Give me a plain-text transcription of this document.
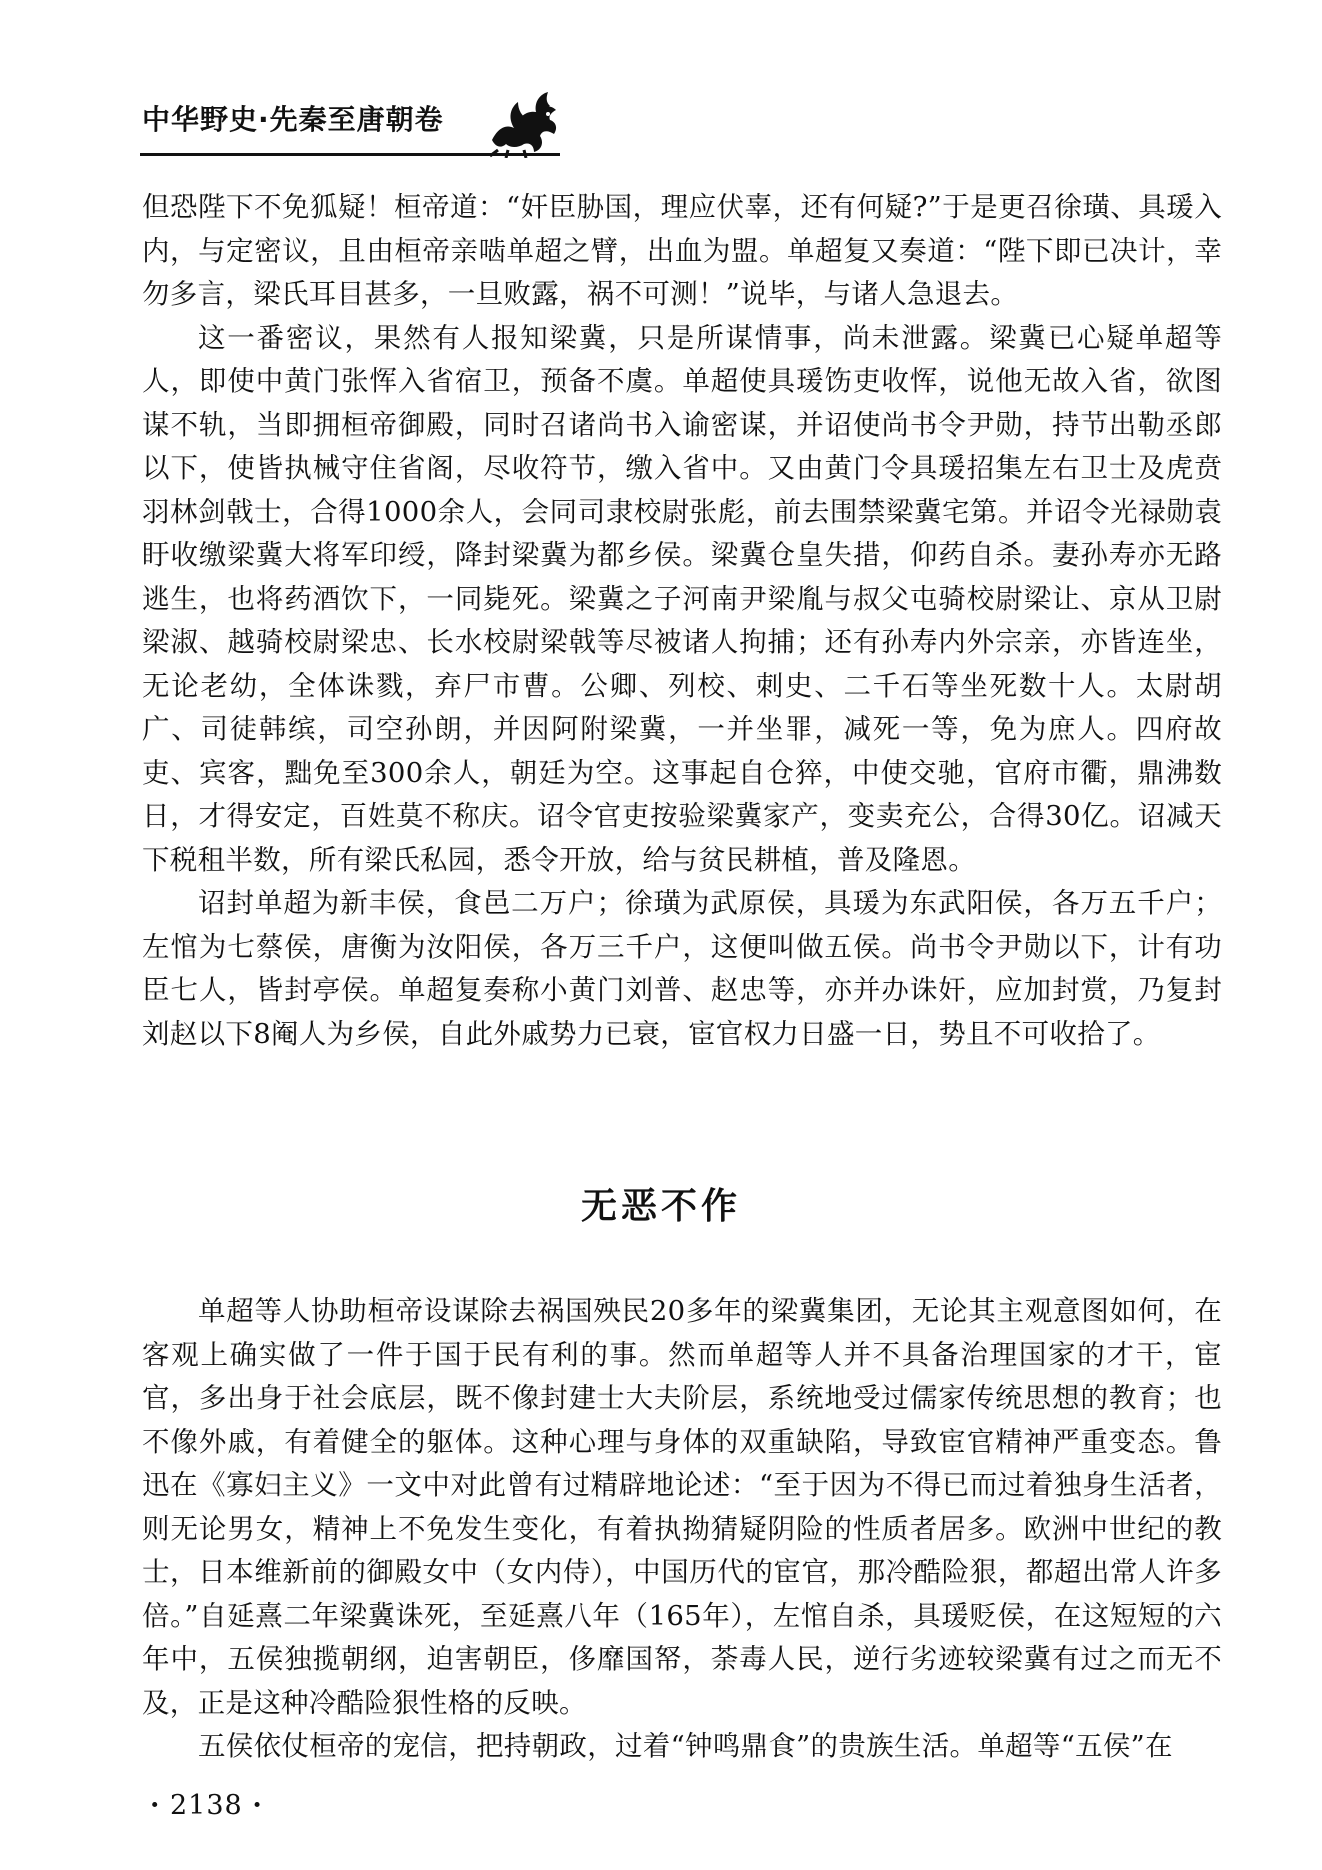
中华野史·先秦至唐朝卷

但恐陛下不免狐疑！桓帝道：“奸臣胁国，理应伏辜，还有何疑?”于是更召徐璜、具瑗入内，与定密议，且由桓帝亲啮单超之臂，出血为盟。单超复又奏道：“陛下即已决计，幸勿多言，梁氏耳目甚多，一旦败露，祸不可测！”说毕，与诸人急退去。

这一番密议，果然有人报知梁冀，只是所谋情事，尚未泄露。梁冀已心疑单超等人，即使中黄门张恽入省宿卫，预备不虞。单超使具瑗饬吏收恽，说他无故入省，欲图谋不轨，当即拥桓帝御殿，同时召诸尚书入谕密谋，并诏使尚书令尹勋，持节出勒丞郎以下，使皆执械守住省阁，尽收符节，缴入省中。又由黄门令具瑗招集左右卫士及虎贲羽林剑戟士，合得1000余人，会同司隶校尉张彪，前去围禁梁冀宅第。并诏令光禄勋袁盱收缴梁冀大将军印绶，降封梁冀为都乡侯。梁冀仓皇失措，仰药自杀。妻孙寿亦无路逃生，也将药酒饮下，一同毙死。梁冀之子河南尹梁胤与叔父屯骑校尉梁让、京从卫尉梁淑、越骑校尉梁忠、长水校尉梁戟等尽被诸人拘捕；还有孙寿内外宗亲，亦皆连坐，无论老幼，全体诛戮，弃尸市曹。公卿、列校、刺史、二千石等坐死数十人。太尉胡广、司徒韩缤，司空孙朗，并因阿附梁冀，一并坐罪，减死一等，免为庶人。四府故吏、宾客，黜免至300余人，朝廷为空。这事起自仓猝，中使交驰，官府市衢，鼎沸数日，才得安定，百姓莫不称庆。诏令官吏按验梁冀家产，变卖充公，合得30亿。诏减天下税租半数，所有梁氏私园，悉令开放，给与贫民耕植，普及隆恩。

诏封单超为新丰侯，食邑二万户；徐璜为武原侯，具瑗为东武阳侯，各万五千户；左悺为七蔡侯，唐衡为汝阳侯，各万三千户，这便叫做五侯。尚书令尹勋以下，计有功臣七人，皆封亭侯。单超复奏称小黄门刘普、赵忠等，亦并办诛奸，应加封赏，乃复封刘赵以下8阉人为乡侯，自此外戚势力已衰，宦官权力日盛一日，势且不可收拾了。

无恶不作

单超等人协助桓帝设谋除去祸国殃民20多年的梁冀集团，无论其主观意图如何，在客观上确实做了一件于国于民有利的事。然而单超等人并不具备治理国家的才干，宦官，多出身于社会底层，既不像封建士大夫阶层，系统地受过儒家传统思想的教育；也不像外戚，有着健全的躯体。这种心理与身体的双重缺陷，导致宦官精神严重变态。鲁迅在《寡妇主义》一文中对此曾有过精辟地论述：“至于因为不得已而过着独身生活者，则无论男女，精神上不免发生变化，有着执拗猜疑阴险的性质者居多。欧洲中世纪的教士，日本维新前的御殿女中（女内侍），中国历代的宦官，那冷酷险狠，都超出常人许多倍。”自延熹二年梁冀诛死，至延熹八年（165年），左悺自杀，具瑗贬侯，在这短短的六年中，五侯独揽朝纲，迫害朝臣，侈靡国帑，荼毒人民，逆行劣迹较梁冀有过之而无不及，正是这种冷酷险狠性格的反映。

五侯依仗桓帝的宠信，把持朝政，过着“钟鸣鼎食”的贵族生活。单超等“五侯”在

· 2138 ·
